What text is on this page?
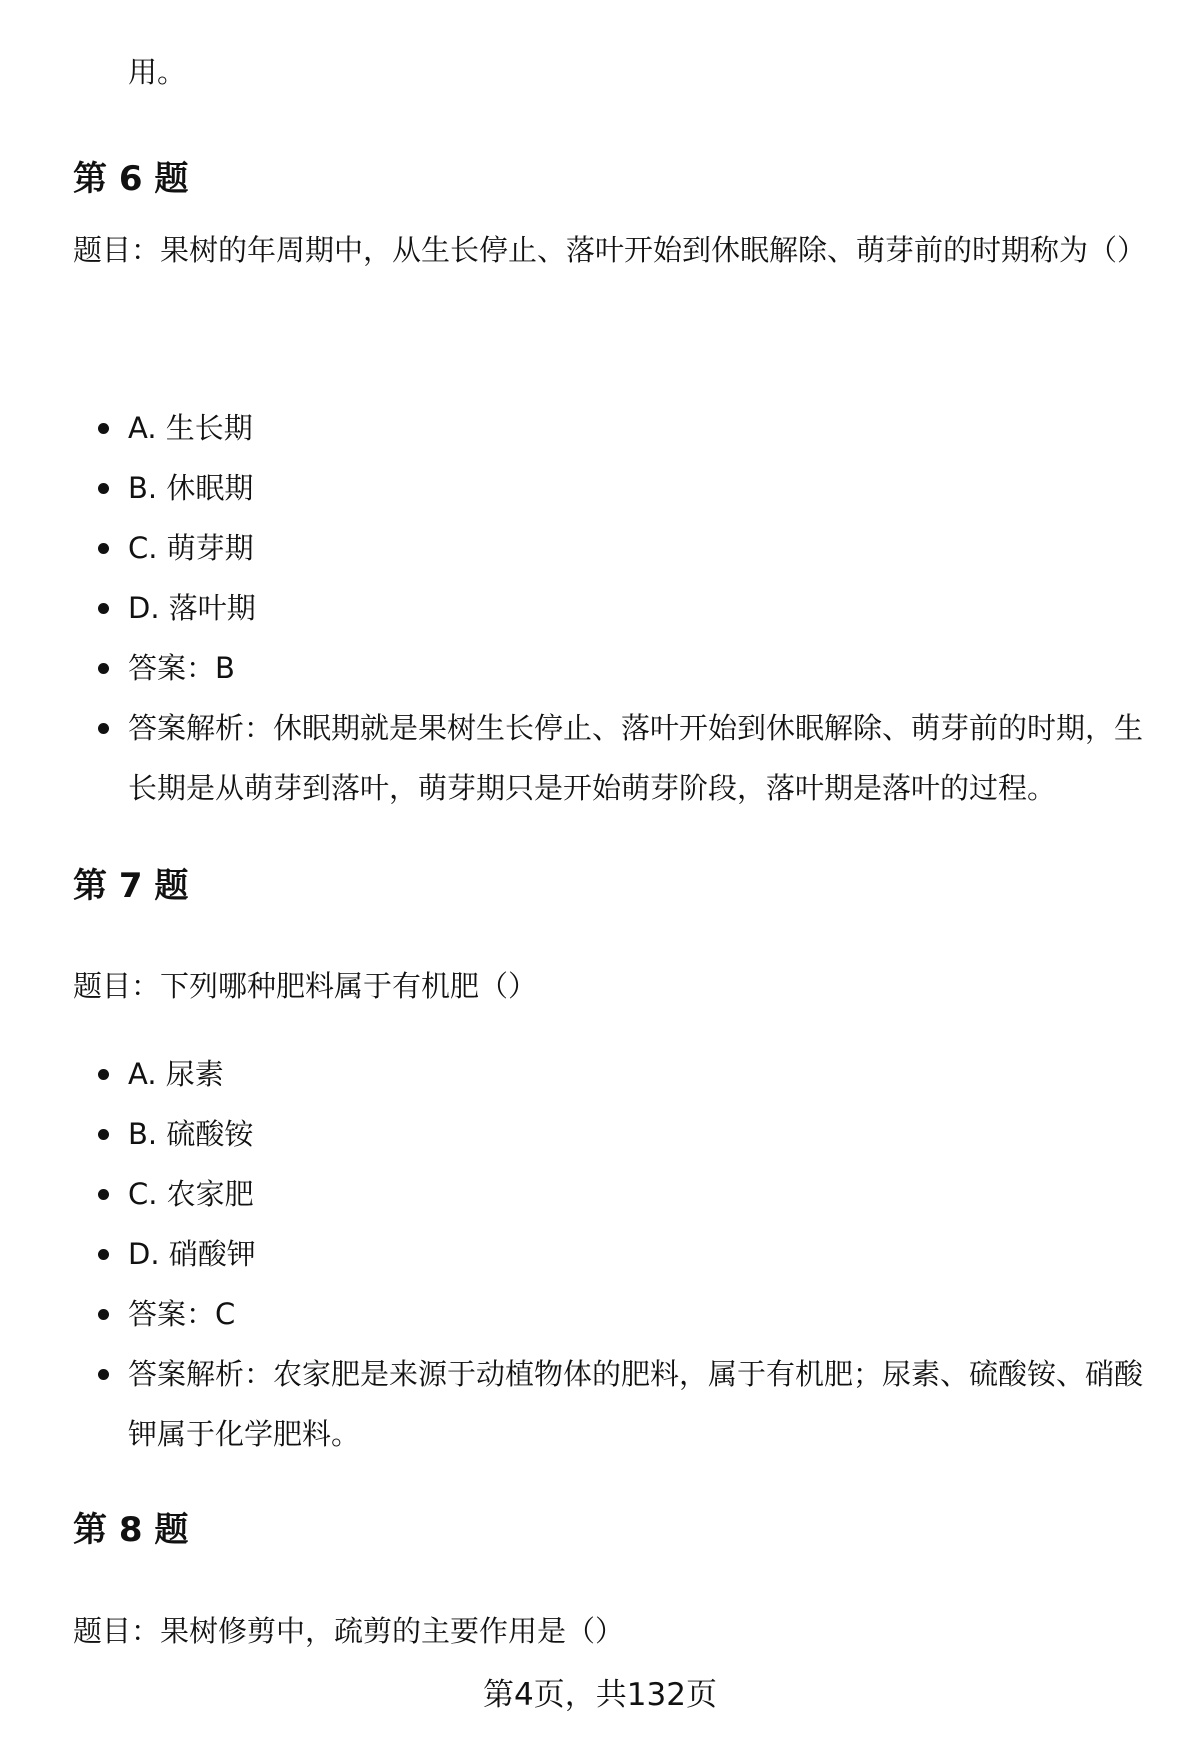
用。

第 6 题

题目：果树的年周期中，从生长停止、落叶开始到休眠解除、萌芽前的时期称为（）

A. 生长期
B. 休眠期
C. 萌芽期
D. 落叶期
答案：B
答案解析：休眠期就是果树生长停止、落叶开始到休眠解除、萌芽前的时期，生长期是从萌芽到落叶，萌芽期只是开始萌芽阶段，落叶期是落叶的过程。
第 7 题

题目：下列哪种肥料属于有机肥（）

A. 尿素
B. 硫酸铵
C. 农家肥
D. 硝酸钾
答案：C
答案解析：农家肥是来源于动植物体的肥料，属于有机肥；尿素、硫酸铵、硝酸钾属于化学肥料。
第 8 题

题目：果树修剪中，疏剪的主要作用是（）

第4页，共132页
